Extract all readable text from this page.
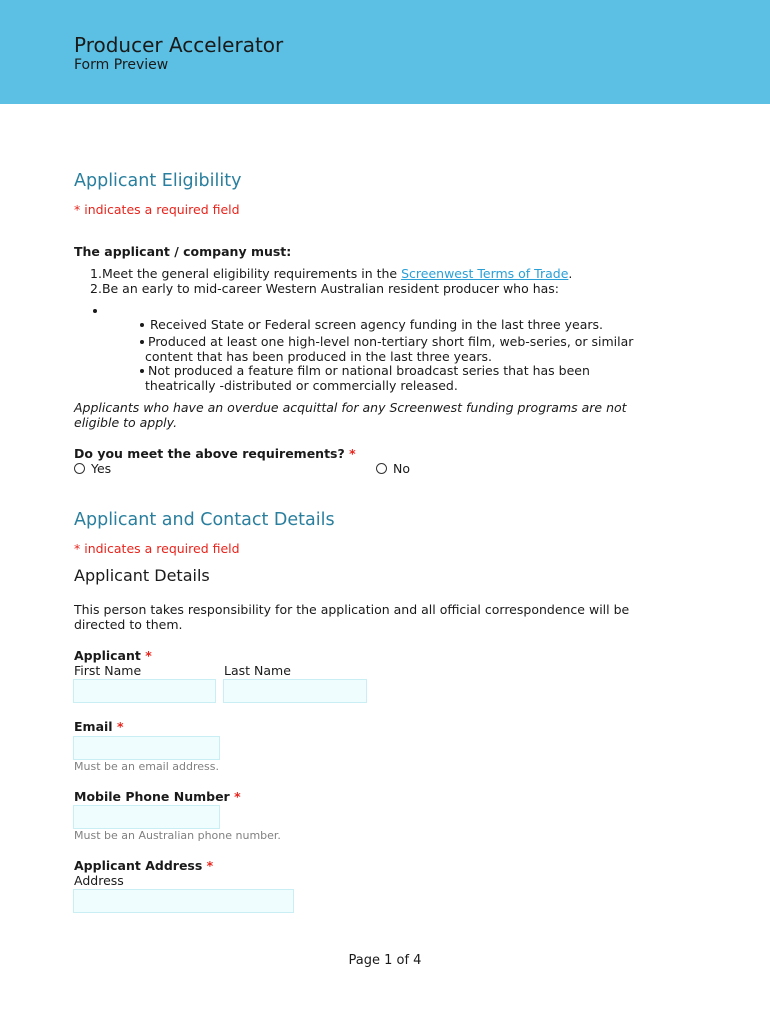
Producer Accelerator
Form Preview
Applicant Eligibility
* indicates a required field
The applicant / company must:
1.Meet the general eligibility requirements in the Screenwest Terms of Trade.
2.Be an early to mid-career Western Australian resident producer who has:
Received State or Federal screen agency funding in the last three years.
Produced at least one high-level non-tertiary short film, web-series, or similar
content that has been produced in the last three years.
Not produced a feature film or national broadcast series that has been
theatrically -distributed or commercially released.
Applicants who have an overdue acquittal for any Screenwest funding programs are not
eligible to apply.
Do you meet the above requirements? *
Yes	No
Applicant and Contact Details
* indicates a required field
Applicant Details
This person takes responsibility for the application and all official correspondence will be
directed to them.
Applicant *
First Name	Last Name
Email *
Must be an email address.
Mobile Phone Number *
Must be an Australian phone number.
Applicant Address *
Address
Page 1 of 4
